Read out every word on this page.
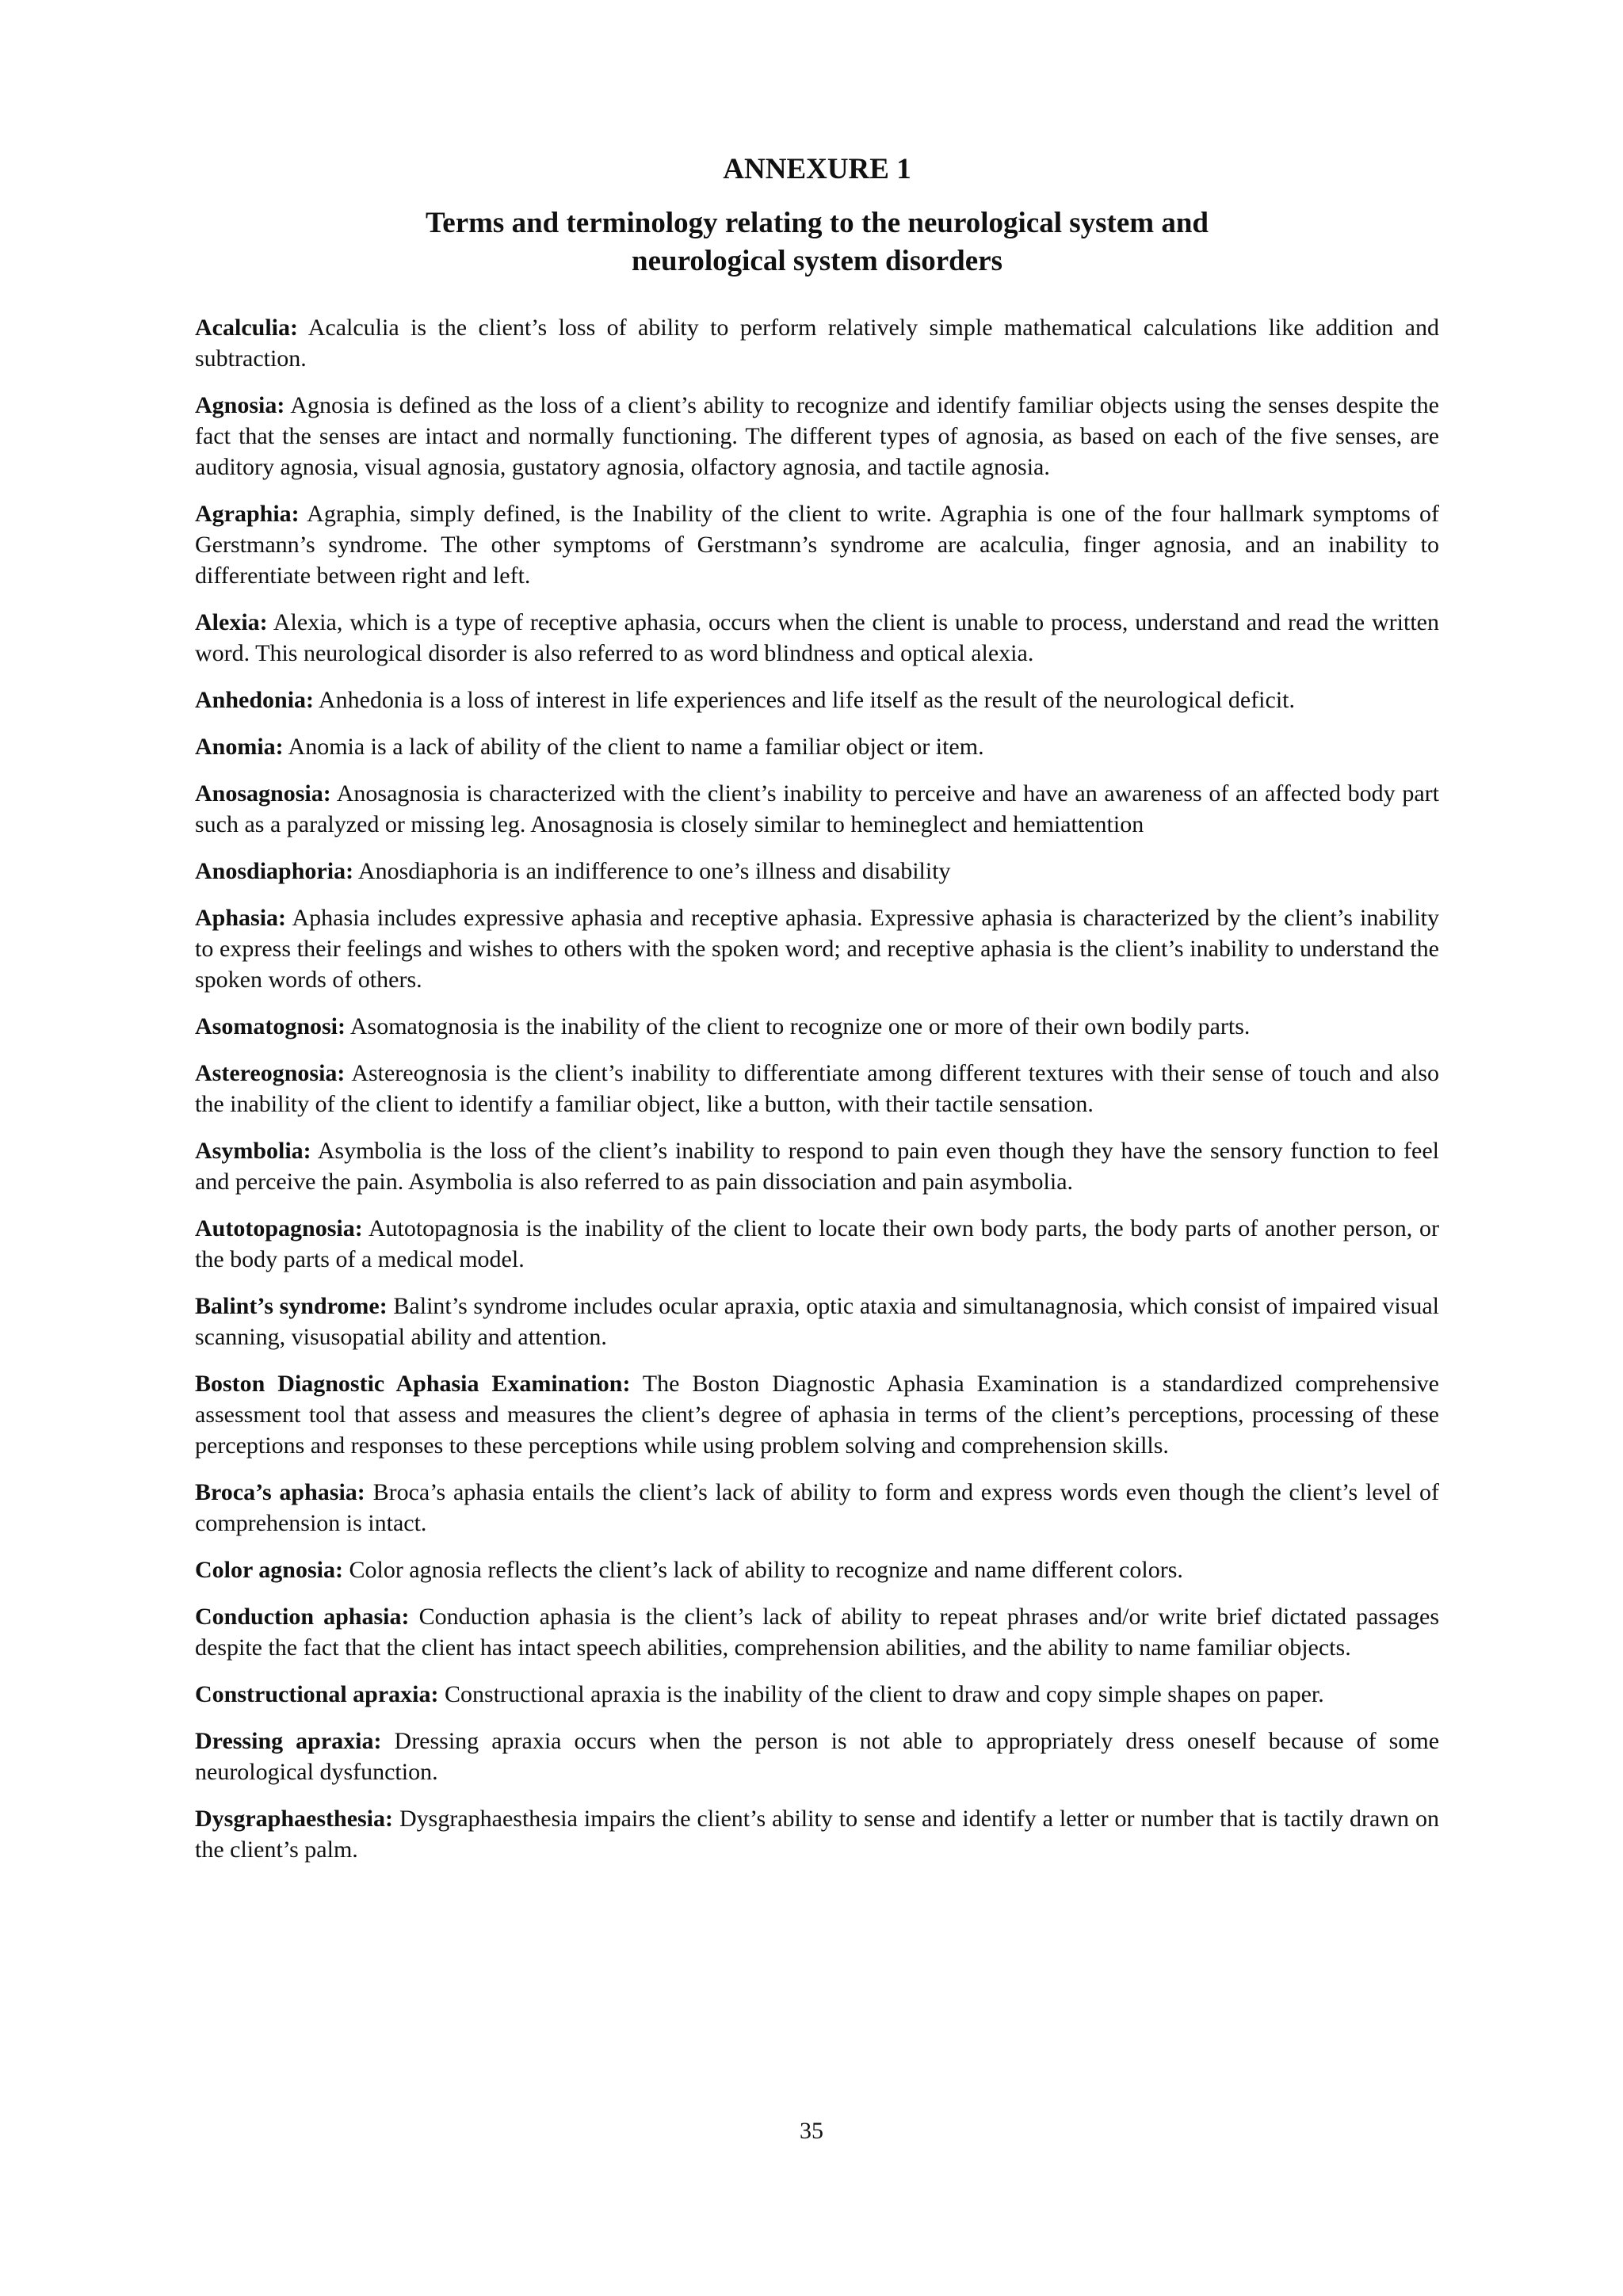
ANNEXURE 1
Terms and terminology relating to the neurological system and
neurological system disorders

Acalculia: Acalculia is the client’s loss of ability to perform relatively simple mathematical calculations like addition and subtraction.

Agnosia: Agnosia is defined as the loss of a client’s ability to recognize and identify familiar objects using the senses despite the fact that the senses are intact and normally functioning. The different types of agnosia, as based on each of the five senses, are auditory agnosia, visual agnosia, gustatory agnosia, olfactory agnosia, and tactile agnosia.

Agraphia: Agraphia, simply defined, is the Inability of the client to write. Agraphia is one of the four hallmark symptoms of Gerstmann’s syndrome. The other symptoms of Gerstmann’s syndrome are acalculia, finger agnosia, and an inability to differentiate between right and left.

Alexia: Alexia, which is a type of receptive aphasia, occurs when the client is unable to process, understand and read the written word. This neurological disorder is also referred to as word blindness and optical alexia.

Anhedonia: Anhedonia is a loss of interest in life experiences and life itself as the result of the neurological deficit.

Anomia: Anomia is a lack of ability of the client to name a familiar object or item.

Anosagnosia: Anosagnosia is characterized with the client’s inability to perceive and have an awareness of an affected body part such as a paralyzed or missing leg. Anosagnosia is closely similar to hemineglect and hemiattention

Anosdiaphoria: Anosdiaphoria is an indifference to one’s illness and disability

Aphasia: Aphasia includes expressive aphasia and receptive aphasia. Expressive aphasia is characterized by the client’s inability to express their feelings and wishes to others with the spoken word; and receptive aphasia is the client’s inability to understand the spoken words of others.

Asomatognosi: Asomatognosia is the inability of the client to recognize one or more of their own bodily parts.

Astereognosia: Astereognosia is the client’s inability to differentiate among different textures with their sense of touch and also the inability of the client to identify a familiar object, like a button, with their tactile sensation.

Asymbolia: Asymbolia is the loss of the client’s inability to respond to pain even though they have the sensory function to feel and perceive the pain. Asymbolia is also referred to as pain dissociation and pain asymbolia.

Autotopagnosia: Autotopagnosia is the inability of the client to locate their own body parts, the body parts of another person, or the body parts of a medical model.

Balint’s syndrome: Balint’s syndrome includes ocular apraxia, optic ataxia and simultanagnosia, which consist of impaired visual scanning, visusopatial ability and attention.

Boston Diagnostic Aphasia Examination: The Boston Diagnostic Aphasia Examination is a standardized comprehensive assessment tool that assess and measures the client’s degree of aphasia in terms of the client’s perceptions, processing of these perceptions and responses to these perceptions while using problem solving and comprehension skills.

Broca’s aphasia: Broca’s aphasia entails the client’s lack of ability to form and express words even though the client’s level of comprehension is intact.

Color agnosia: Color agnosia reflects the client’s lack of ability to recognize and name different colors.

Conduction aphasia: Conduction aphasia is the client’s lack of ability to repeat phrases and/or write brief dictated passages despite the fact that the client has intact speech abilities, comprehension abilities, and the ability to name familiar objects.

Constructional apraxia: Constructional apraxia is the inability of the client to draw and copy simple shapes on paper.

Dressing apraxia: Dressing apraxia occurs when the person is not able to appropriately dress oneself because of some neurological dysfunction.

Dysgraphaesthesia: Dysgraphaesthesia impairs the client’s ability to sense and identify a letter or number that is tactily drawn on the client’s palm.

35
